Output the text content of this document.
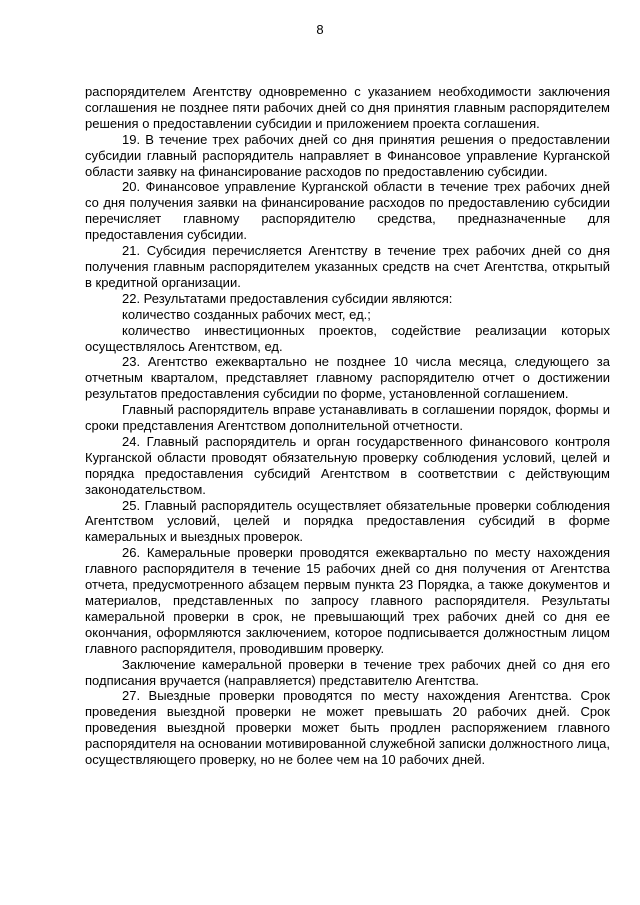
8

распорядителем Агентству одновременно с указанием необходимости заключения соглашения не позднее пяти рабочих дней со дня принятия главным распорядителем решения о предоставлении субсидии и приложением проекта соглашения.

19. В течение трех рабочих дней со дня принятия решения о предоставлении субсидии главный распорядитель направляет в Финансовое управление Курганской области заявку на финансирование расходов по предоставлению субсидии.

20. Финансовое управление Курганской области в течение трех рабочих дней со дня получения заявки на финансирование расходов по предоставлению субсидии перечисляет главному распорядителю средства, предназначенные для предоставления субсидии.

21. Субсидия перечисляется Агентству в течение трех рабочих дней со дня получения главным распорядителем указанных средств на счет Агентства, открытый в кредитной организации.

22. Результатами предоставления субсидии являются:

количество созданных рабочих мест, ед.;

количество инвестиционных проектов, содействие реализации которых осуществлялось Агентством, ед.

23. Агентство ежеквартально не позднее 10 числа месяца, следующего за отчетным кварталом, представляет главному распорядителю отчет о достижении результатов предоставления субсидии по форме, установленной соглашением.

Главный распорядитель вправе устанавливать в соглашении порядок, формы и сроки представления Агентством дополнительной отчетности.

24. Главный распорядитель и орган государственного финансового контроля Курганской области проводят обязательную проверку соблюдения условий, целей и порядка предоставления субсидий Агентством в соответствии с действующим законодательством.

25. Главный распорядитель осуществляет обязательные проверки соблюдения Агентством условий, целей и порядка предоставления субсидий в форме камеральных и выездных проверок.

26. Камеральные проверки проводятся ежеквартально по месту нахождения главного распорядителя в течение 15 рабочих дней со дня получения от Агентства отчета, предусмотренного абзацем первым пункта 23 Порядка, а также документов и материалов, представленных по запросу главного распорядителя. Результаты камеральной проверки в срок, не превышающий трех рабочих дней со дня ее окончания, оформляются заключением, которое подписывается должностным лицом главного распорядителя, проводившим проверку.

Заключение камеральной проверки в течение трех рабочих дней со дня его подписания вручается (направляется) представителю Агентства.

27. Выездные проверки проводятся по месту нахождения Агентства. Срок проведения выездной проверки не может превышать 20 рабочих дней. Срок проведения выездной проверки может быть продлен распоряжением главного распорядителя на основании мотивированной служебной записки должностного лица, осуществляющего проверку, но не более чем на 10 рабочих дней.
